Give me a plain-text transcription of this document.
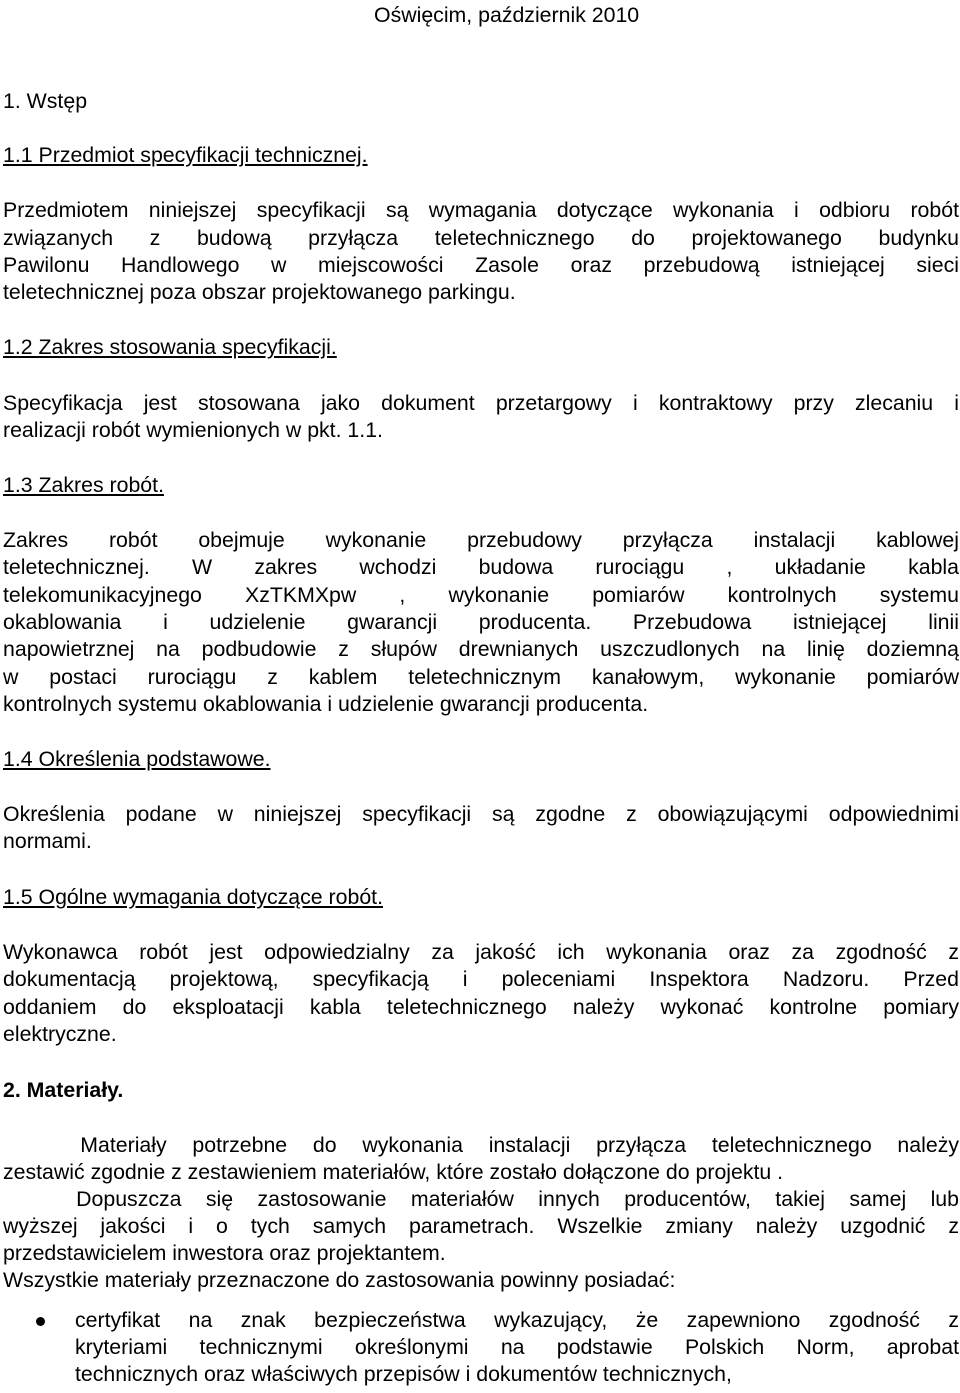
Oświęcim, październik 2010
1. Wstęp
1.1 Przedmiot specyfikacji technicznej.
Przedmiotem niniejszej specyfikacji są wymagania dotyczące wykonania i odbioru robót
związanych z budową przyłącza teletechnicznego do projektowanego budynku
Pawilonu Handlowego w miejscowości Zasole oraz przebudową istniejącej sieci
teletechnicznej poza obszar projektowanego parkingu.
1.2 Zakres stosowania specyfikacji.
Specyfikacja jest stosowana jako dokument przetargowy i kontraktowy przy zlecaniu i
realizacji robót wymienionych w pkt. 1.1.
1.3 Zakres robót.
Zakres robót obejmuje wykonanie przebudowy przyłącza instalacji kablowej
teletechnicznej. W zakres wchodzi budowa rurociągu , układanie kabla
telekomunikacyjnego XzTKMXpw , wykonanie pomiarów kontrolnych systemu
okablowania i udzielenie gwarancji producenta. Przebudowa istniejącej linii
napowietrznej na podbudowie z słupów drewnianych uszczudlonych na linię doziemną
w postaci rurociągu z kablem teletechnicznym kanałowym, wykonanie pomiarów
kontrolnych systemu okablowania i udzielenie gwarancji producenta.
1.4 Określenia podstawowe.
Określenia podane w niniejszej specyfikacji są zgodne z obowiązującymi odpowiednimi
normami.
1.5 Ogólne wymagania dotyczące robót.
Wykonawca robót jest odpowiedzialny za jakość ich wykonania oraz za zgodność z
dokumentacją projektową, specyfikacją i poleceniami Inspektora Nadzoru. Przed
oddaniem do eksploatacji kabla teletechnicznego należy wykonać kontrolne pomiary
elektryczne.
2. Materiały.
Materiały potrzebne do wykonania instalacji przyłącza teletechnicznego należy
zestawić zgodnie z zestawieniem materiałów, które zostało dołączone do projektu .
Dopuszcza się zastosowanie materiałów innych producentów, takiej samej lub
wyższej jakości i o tych samych parametrach. Wszelkie zmiany należy uzgodnić z
przedstawicielem inwestora oraz projektantem.
Wszystkie materiały przeznaczone do zastosowania powinny posiadać:
certyfikat na znak bezpieczeństwa wykazujący, że zapewniono zgodność z
kryteriami technicznymi określonymi na podstawie Polskich Norm, aprobat
technicznych oraz właściwych przepisów i dokumentów technicznych,
